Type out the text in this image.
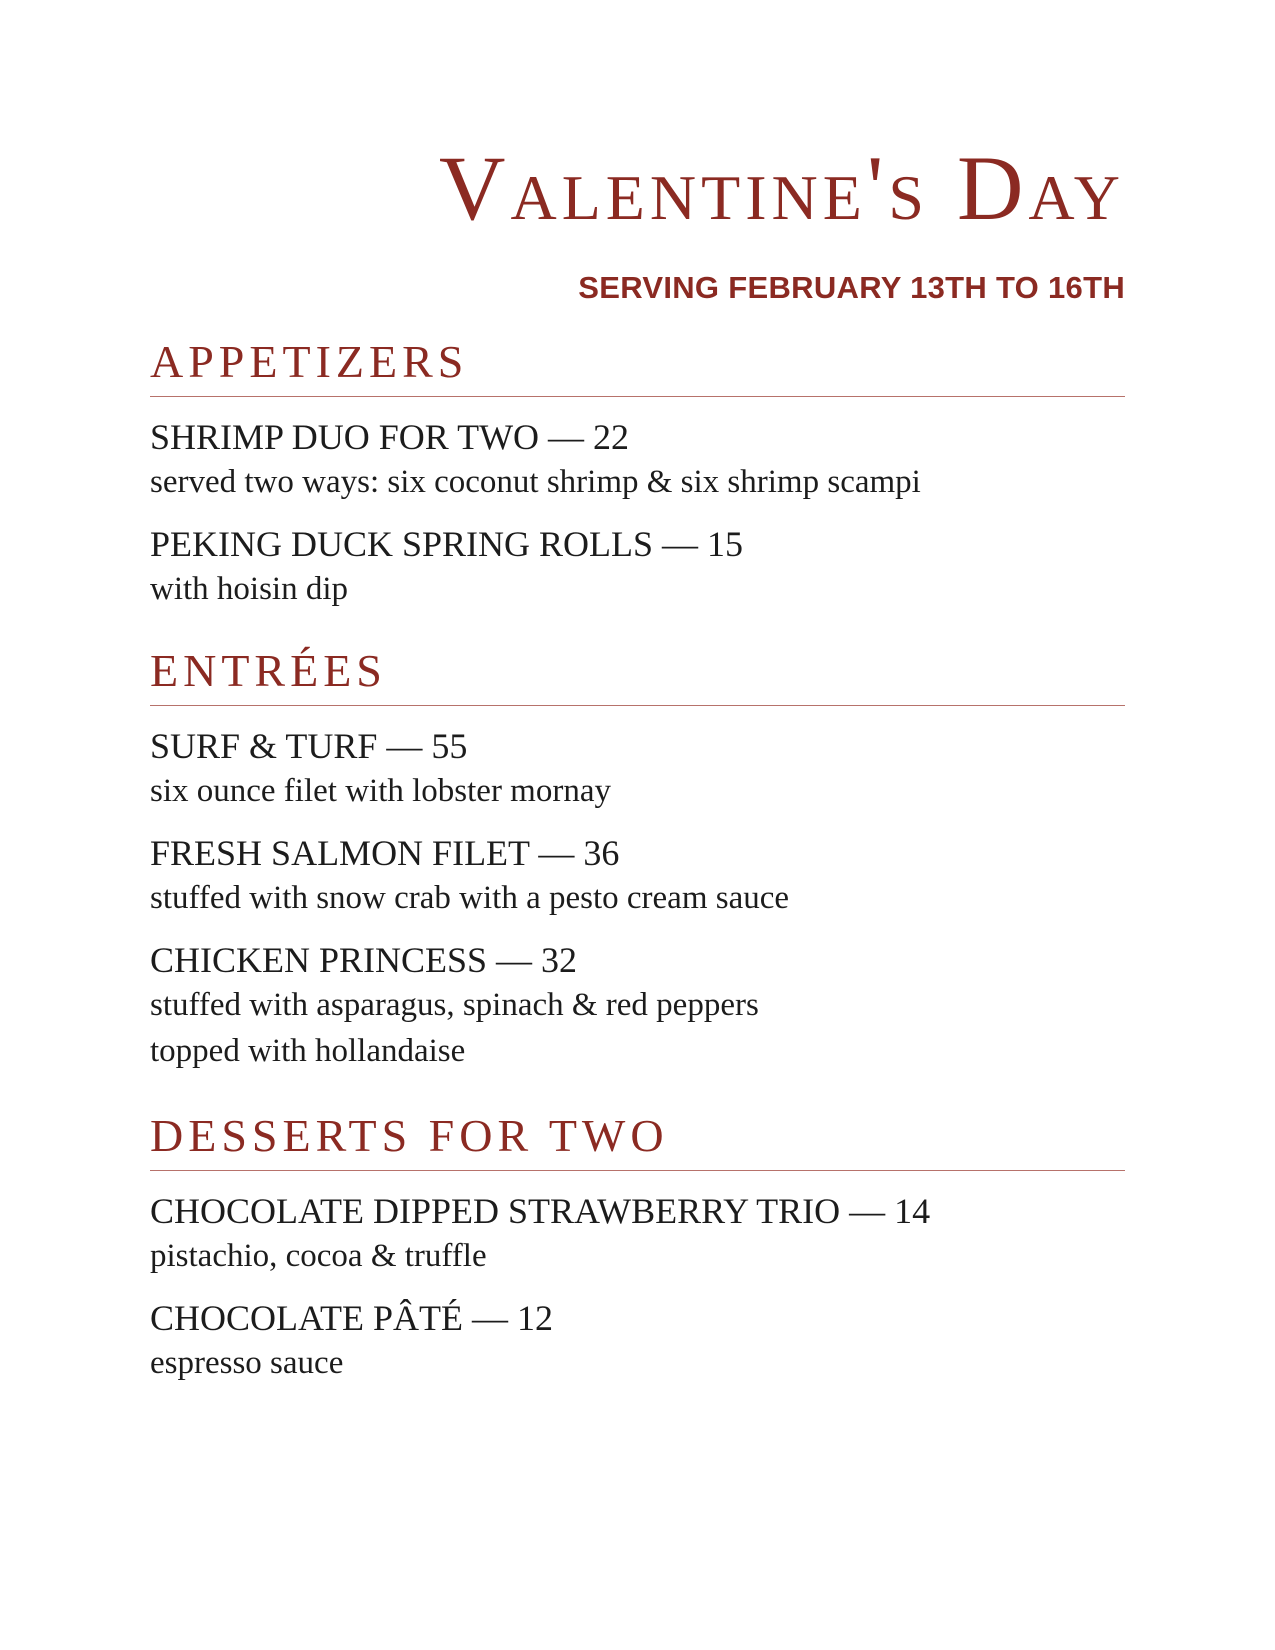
Valentine's Day
SERVING FEBRUARY 13TH TO 16TH
APPETIZERS
SHRIMP DUO FOR TWO — 22
served two ways: six coconut shrimp & six shrimp scampi
PEKING DUCK SPRING ROLLS — 15
with hoisin dip
ENTRÉES
SURF & TURF — 55
six ounce filet with lobster mornay
FRESH SALMON FILET — 36
stuffed with snow crab with a pesto cream sauce
CHICKEN PRINCESS — 32
stuffed with asparagus, spinach & red peppers
topped with hollandaise
DESSERTS FOR TWO
CHOCOLATE DIPPED STRAWBERRY TRIO — 14
pistachio, cocoa & truffle
CHOCOLATE PÂTÉ — 12
espresso sauce
